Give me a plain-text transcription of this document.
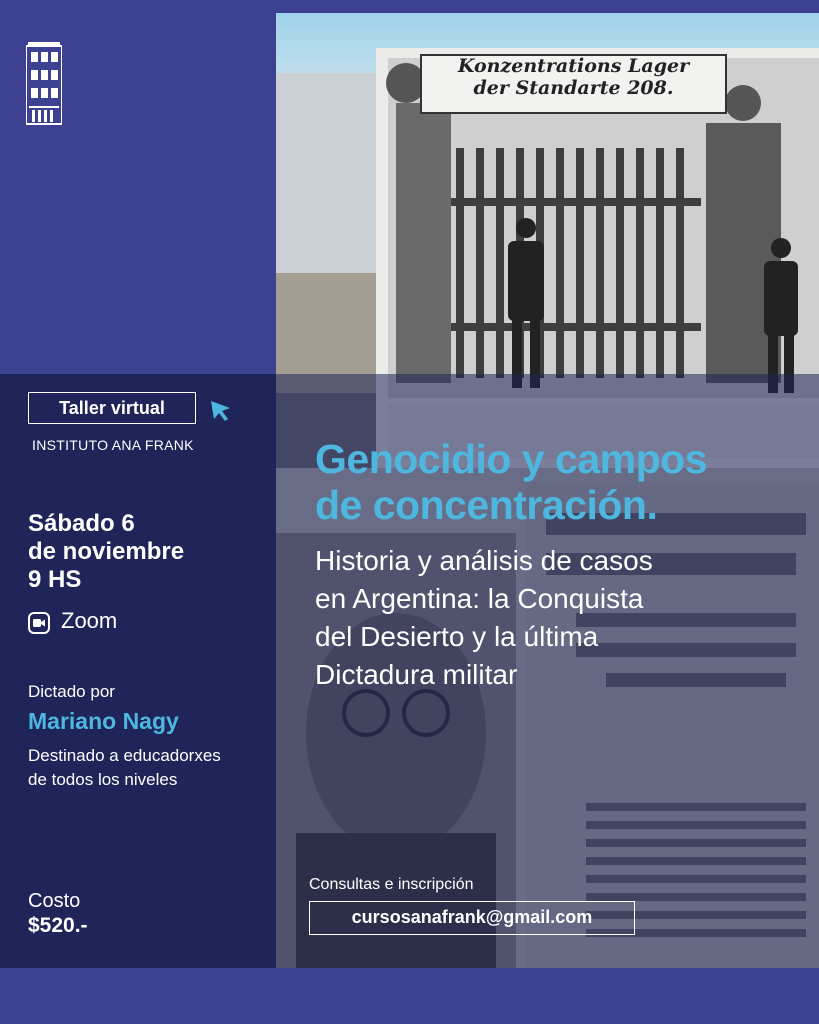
Taller virtual
INSTITUTO ANA FRANK
Sábado 6
de noviembre
9 HS
Zoom
Dictado por
Mariano Nagy
Destinado a educadorxes
de todos los niveles
Costo
$520.-
Genocidio y campos
de concentración.
Historia y análisis de casos
en Argentina: la Conquista
del Desierto y la última
Dictadura militar
Consultas e inscripción
cursosanafrank@gmail.com
Konzentrations Lager
der Standarte 208.
